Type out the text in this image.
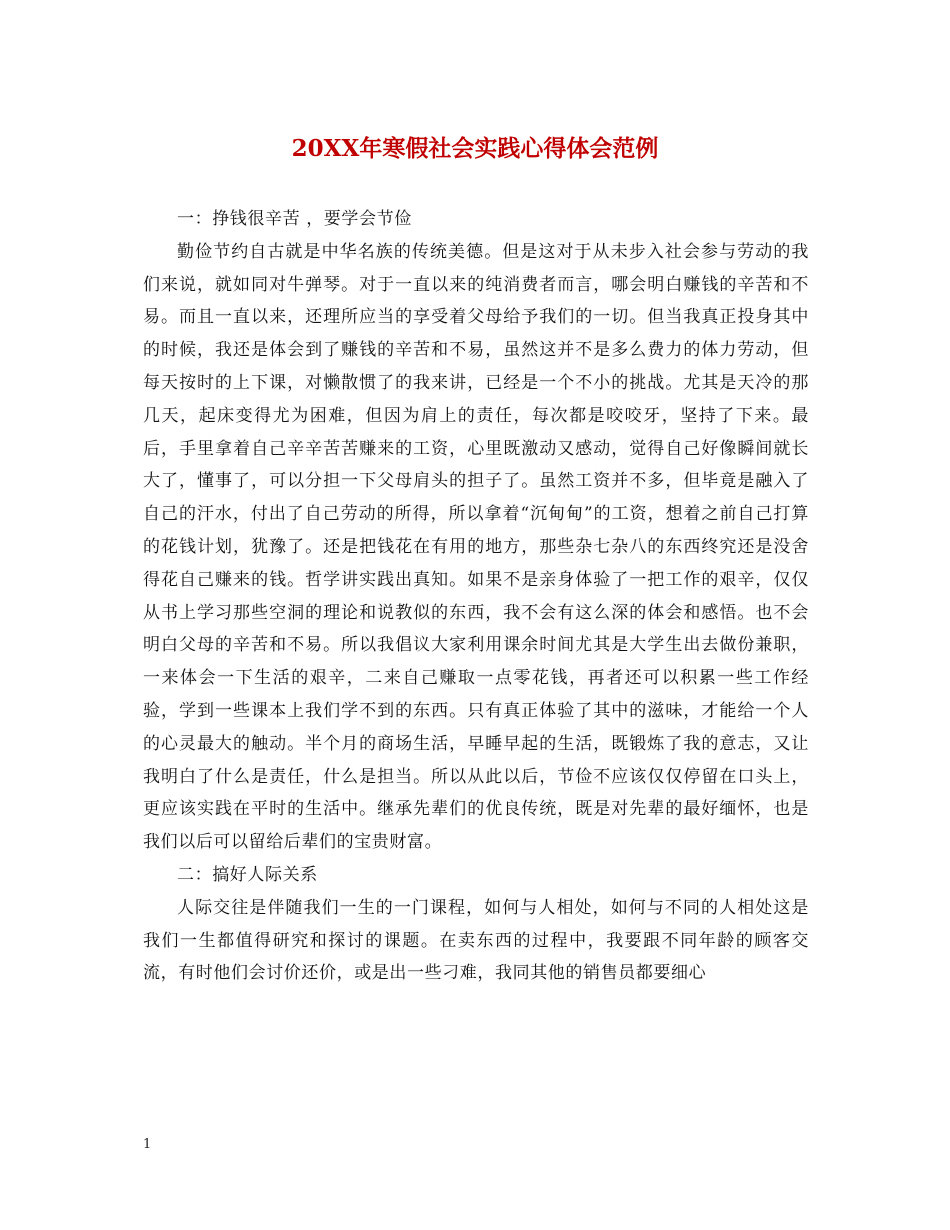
20XX年寒假社会实践心得体会范例

一：挣钱很辛苦 ，要学会节俭

勤俭节约自古就是中华名族的传统美德。但是这对于从未步入社会参与劳动的我们来说，就如同对牛弹琴。对于一直以来的纯消费者而言，哪会明白赚钱的辛苦和不易。而且一直以来，还理所应当的享受着父母给予我们的一切。但当我真正投身其中的时候，我还是体会到了赚钱的辛苦和不易，虽然这并不是多么费力的体力劳动，但每天按时的上下课，对懒散惯了的我来讲，已经是一个不小的挑战。尤其是天冷的那几天，起床变得尤为困难，但因为肩上的责任，每次都是咬咬牙，坚持了下来。最后，手里拿着自己辛辛苦苦赚来的工资，心里既激动又感动，觉得自己好像瞬间就长大了，懂事了，可以分担一下父母肩头的担子了。虽然工资并不多，但毕竟是融入了自己的汗水，付出了自己劳动的所得，所以拿着“沉甸甸”的工资，想着之前自己打算的花钱计划，犹豫了。还是把钱花在有用的地方，那些杂七杂八的东西终究还是没舍得花自己赚来的钱。哲学讲实践出真知。如果不是亲身体验了一把工作的艰辛，仅仅从书上学习那些空洞的理论和说教似的东西，我不会有这么深的体会和感悟。也不会明白父母的辛苦和不易。所以我倡议大家利用课余时间尤其是大学生出去做份兼职，一来体会一下生活的艰辛，二来自己赚取一点零花钱，再者还可以积累一些工作经验，学到一些课本上我们学不到的东西。只有真正体验了其中的滋味，才能给一个人的心灵最大的触动。半个月的商场生活，早睡早起的生活，既锻炼了我的意志，又让我明白了什么是责任，什么是担当。所以从此以后，节俭不应该仅仅停留在口头上，更应该实践在平时的生活中。继承先辈们的优良传统，既是对先辈的最好缅怀，也是我们以后可以留给后辈们的宝贵财富。

二：搞好人际关系

人际交往是伴随我们一生的一门课程，如何与人相处，如何与不同的人相处这是我们一生都值得研究和探讨的课题。在卖东西的过程中，我要跟不同年龄的顾客交流，有时他们会讨价还价，或是出一些刁难，我同其他的销售员都要细心

1
